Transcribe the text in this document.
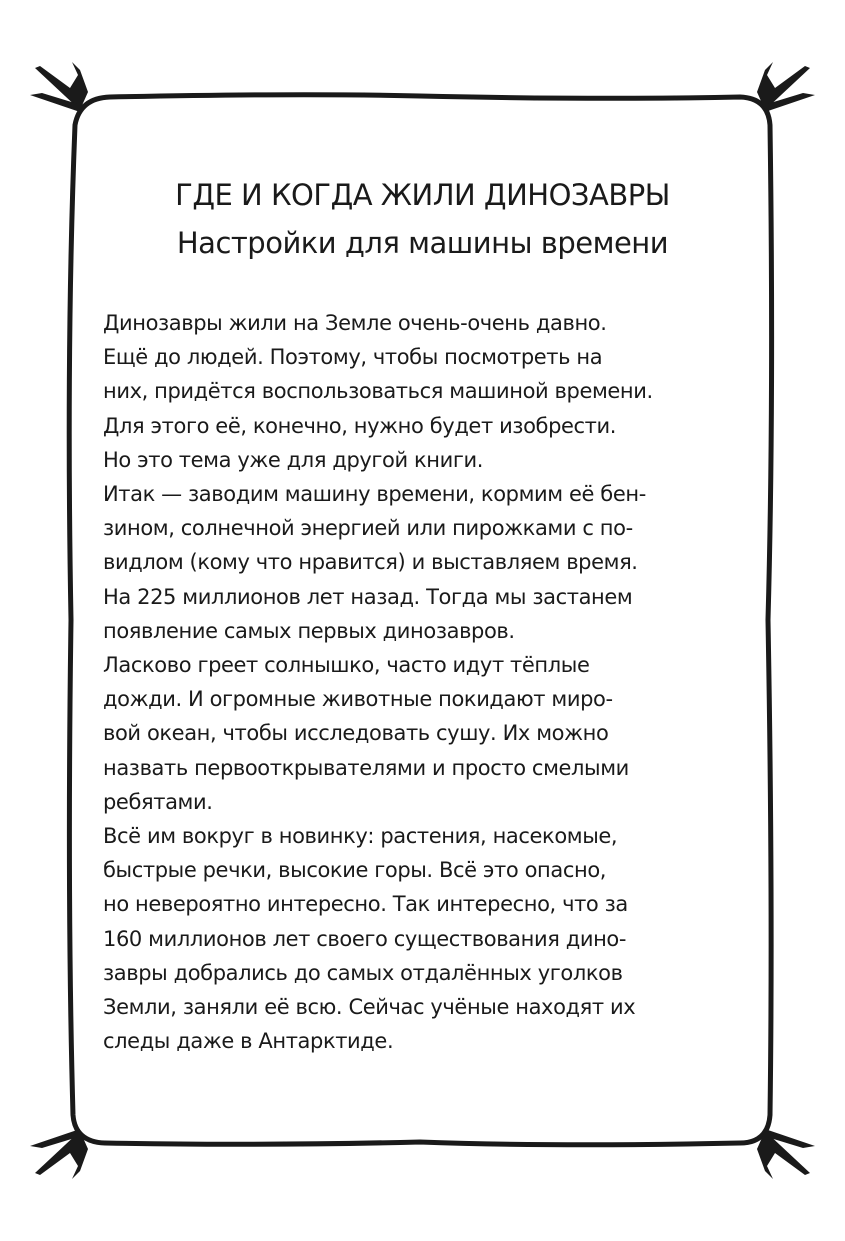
ГДЕ И КОГДА ЖИЛИ ДИНОЗАВРЫ
Настройки для машины времени
Динозавры жили на Земле очень-очень давно.
Ещё до людей. Поэтому, чтобы посмотреть на
них, придётся воспользоваться машиной времени.
Для этого её, конечно, нужно будет изобрести.
Но это тема уже для другой книги.
Итак — заводим машину времени, кормим её бен-
зином, солнечной энергией или пирожками с по-
видлом (кому что нравится) и выставляем время.
На 225 миллионов лет назад. Тогда мы застанем
появление самых первых динозавров.
Ласково греет солнышко, часто идут тёплые
дожди. И огромные животные покидают миро-
вой океан, чтобы исследовать сушу. Их можно
назвать первооткрывателями и просто смелыми
ребятами.
Всё им вокруг в новинку: растения, насекомые,
быстрые речки, высокие горы. Всё это опасно,
но невероятно интересно. Так интересно, что за
160 миллионов лет своего существования дино-
завры добрались до самых отдалённых уголков
Земли, заняли её всю. Сейчас учёные находят их
следы даже в Антарктиде.
